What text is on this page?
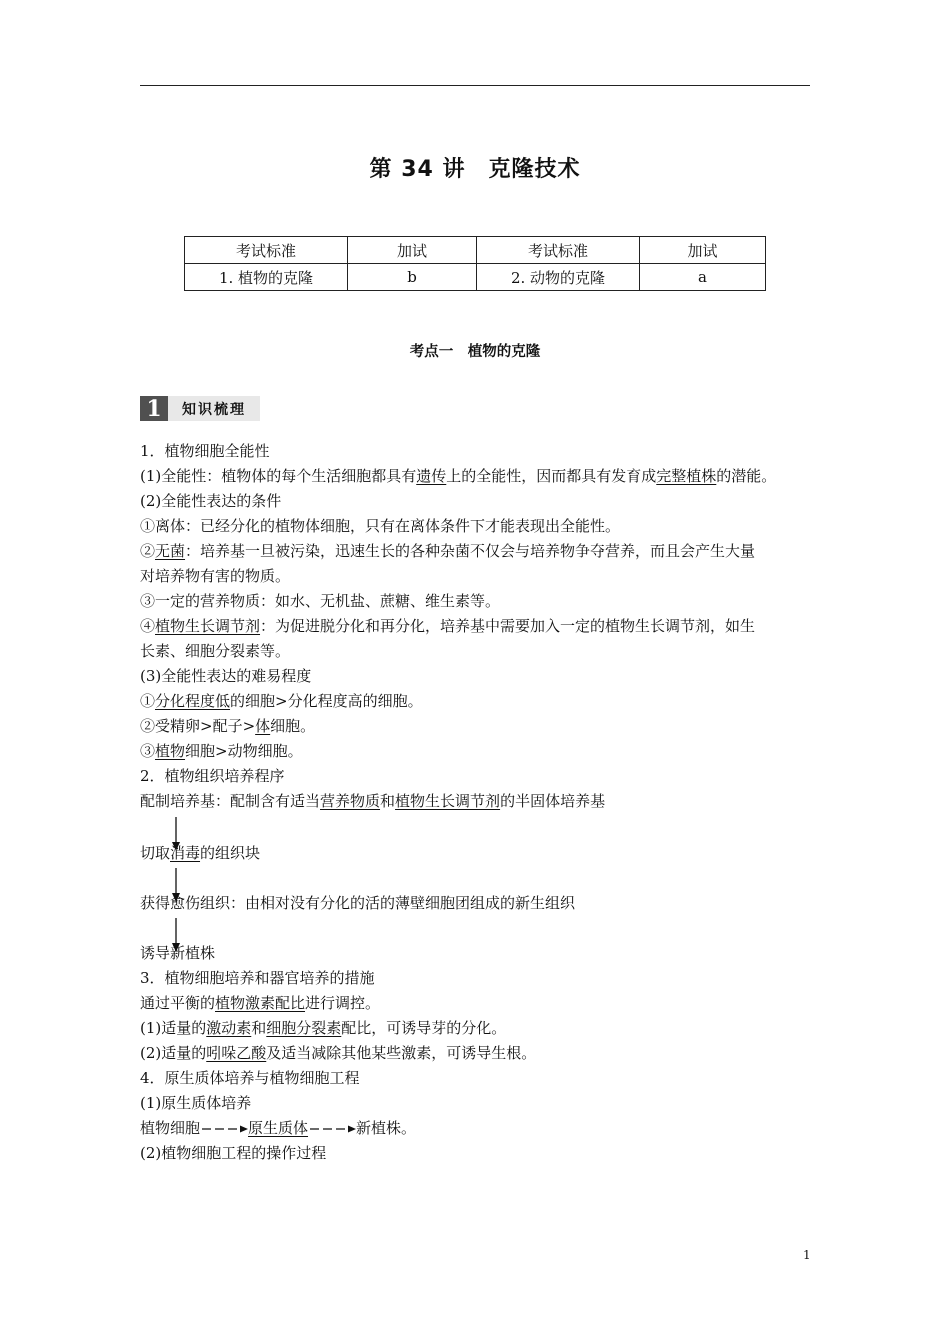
第 34 讲　克隆技术
考试标准	加试	考试标准	加试
1. 植物的克隆	b	2. 动物的克隆	a
考点一　植物的克隆
1	知识梳理
1．植物细胞全能性
(1)全能性：植物体的每个生活细胞都具有遗传上的全能性，因而都具有发育成完整植株的潜能。
(2)全能性表达的条件
①离体：已经分化的植物体细胞，只有在离体条件下才能表现出全能性。
②无菌：培养基一旦被污染，迅速生长的各种杂菌不仅会与培养物争夺营养，而且会产生大量
对培养物有害的物质。
③一定的营养物质：如水、无机盐、蔗糖、维生素等。
④植物生长调节剂：为促进脱分化和再分化，培养基中需要加入一定的植物生长调节剂，如生
长素、细胞分裂素等。
(3)全能性表达的难易程度
①分化程度低的细胞>分化程度高的细胞。
②受精卵>配子>体细胞。
③植物细胞>动物细胞。
2．植物组织培养程序
配制培养基：配制含有适当营养物质和植物生长调节剂的半固体培养基
切取消毒的组织块
获得愈伤组织：由相对没有分化的活的薄壁细胞团组成的新生组织
诱导新植株
3．植物细胞培养和器官培养的措施
通过平衡的植物激素配比进行调控。
(1)适量的激动素和细胞分裂素配比，可诱导芽的分化。
(2)适量的吲哚乙酸及适当减除其他某些激素，可诱导生根。
4．原生质体培养与植物细胞工程
(1)原生质体培养
植物细胞	原生质体	新植株。
(2)植物细胞工程的操作过程
1
